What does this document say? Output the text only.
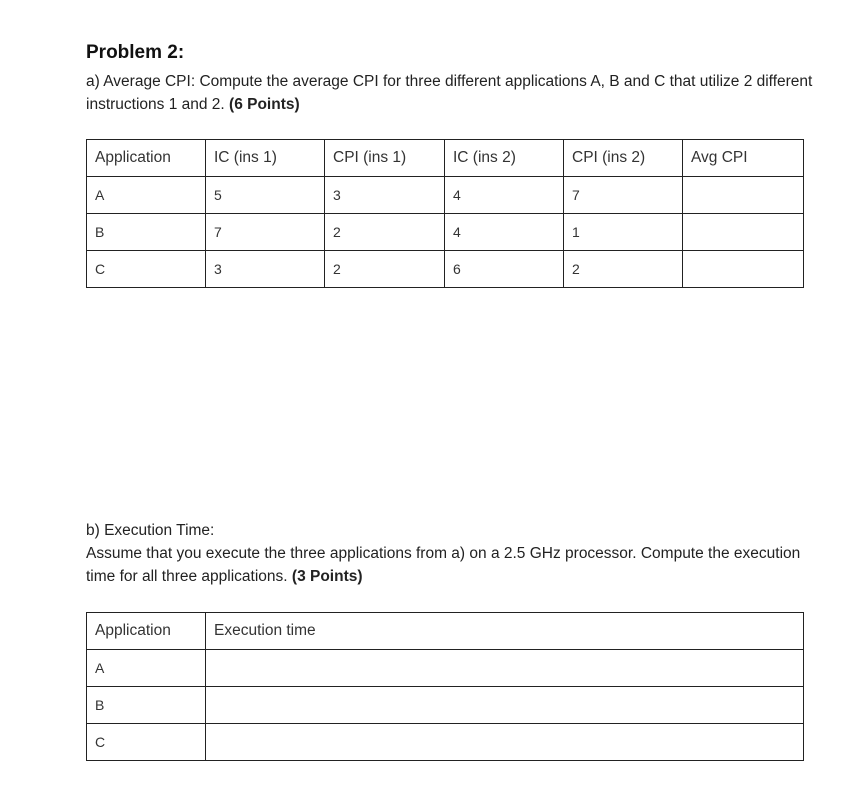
Problem 2:
a) Average CPI: Compute the average CPI for three different applications A, B and C that utilize 2 different instructions 1 and 2. (6 Points)
Application	IC (ins 1)	CPI (ins 1)	IC (ins 2)	CPI (ins 2)	Avg CPI
A	5	3	4	7	
B	7	2	4	1	
C	3	2	6	2	
b) Execution Time:
Assume that you execute the three applications from a) on a 2.5 GHz processor. Compute the execution time for all three applications. (3 Points)
Application	Execution time
A	
B	
C	
